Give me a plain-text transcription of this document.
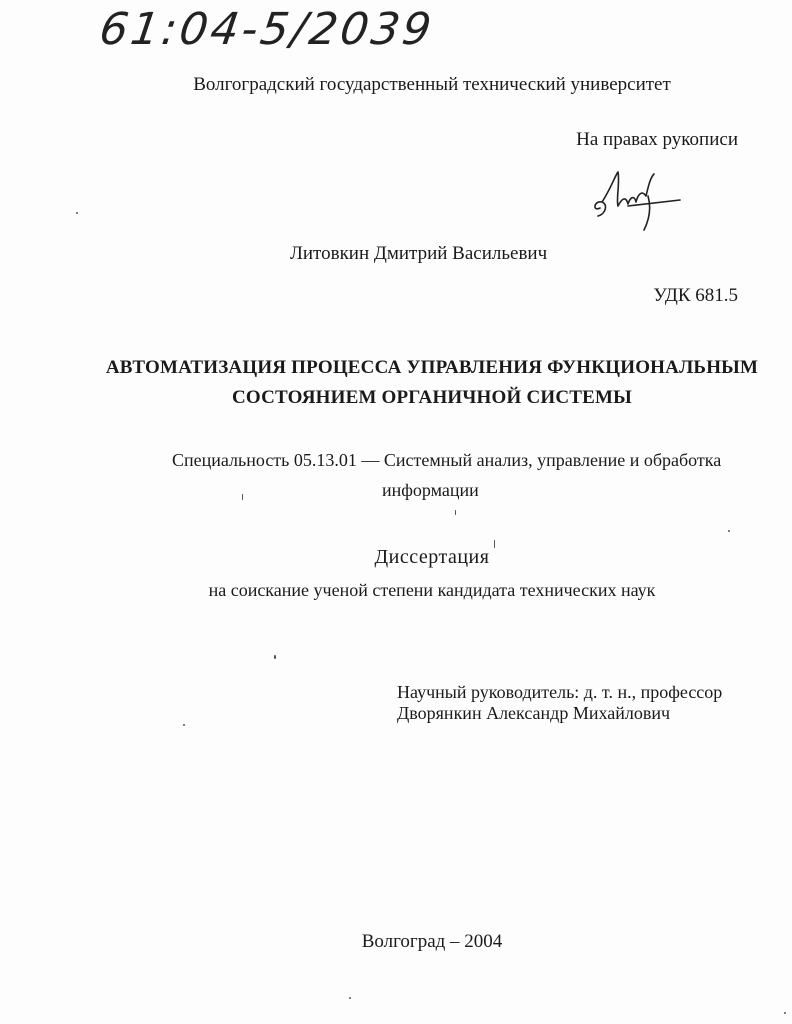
61:04-5/2039
Волгоградский государственный технический университет
На правах рукописи
Литовкин Дмитрий Васильевич
УДК 681.5
АВТОМАТИЗАЦИЯ ПРОЦЕССА УПРАВЛЕНИЯ ФУНКЦИОНАЛЬНЫМ
СОСТОЯНИЕМ ОРГАНИЧНОЙ СИСТЕМЫ
Специальность 05.13.01 — Системный анализ, управление и обработка
информации
Диссертация
на соискание ученой степени кандидата технических наук
Научный руководитель: д. т. н., профессор
Дворянкин Александр Михайлович
Волгоград – 2004
